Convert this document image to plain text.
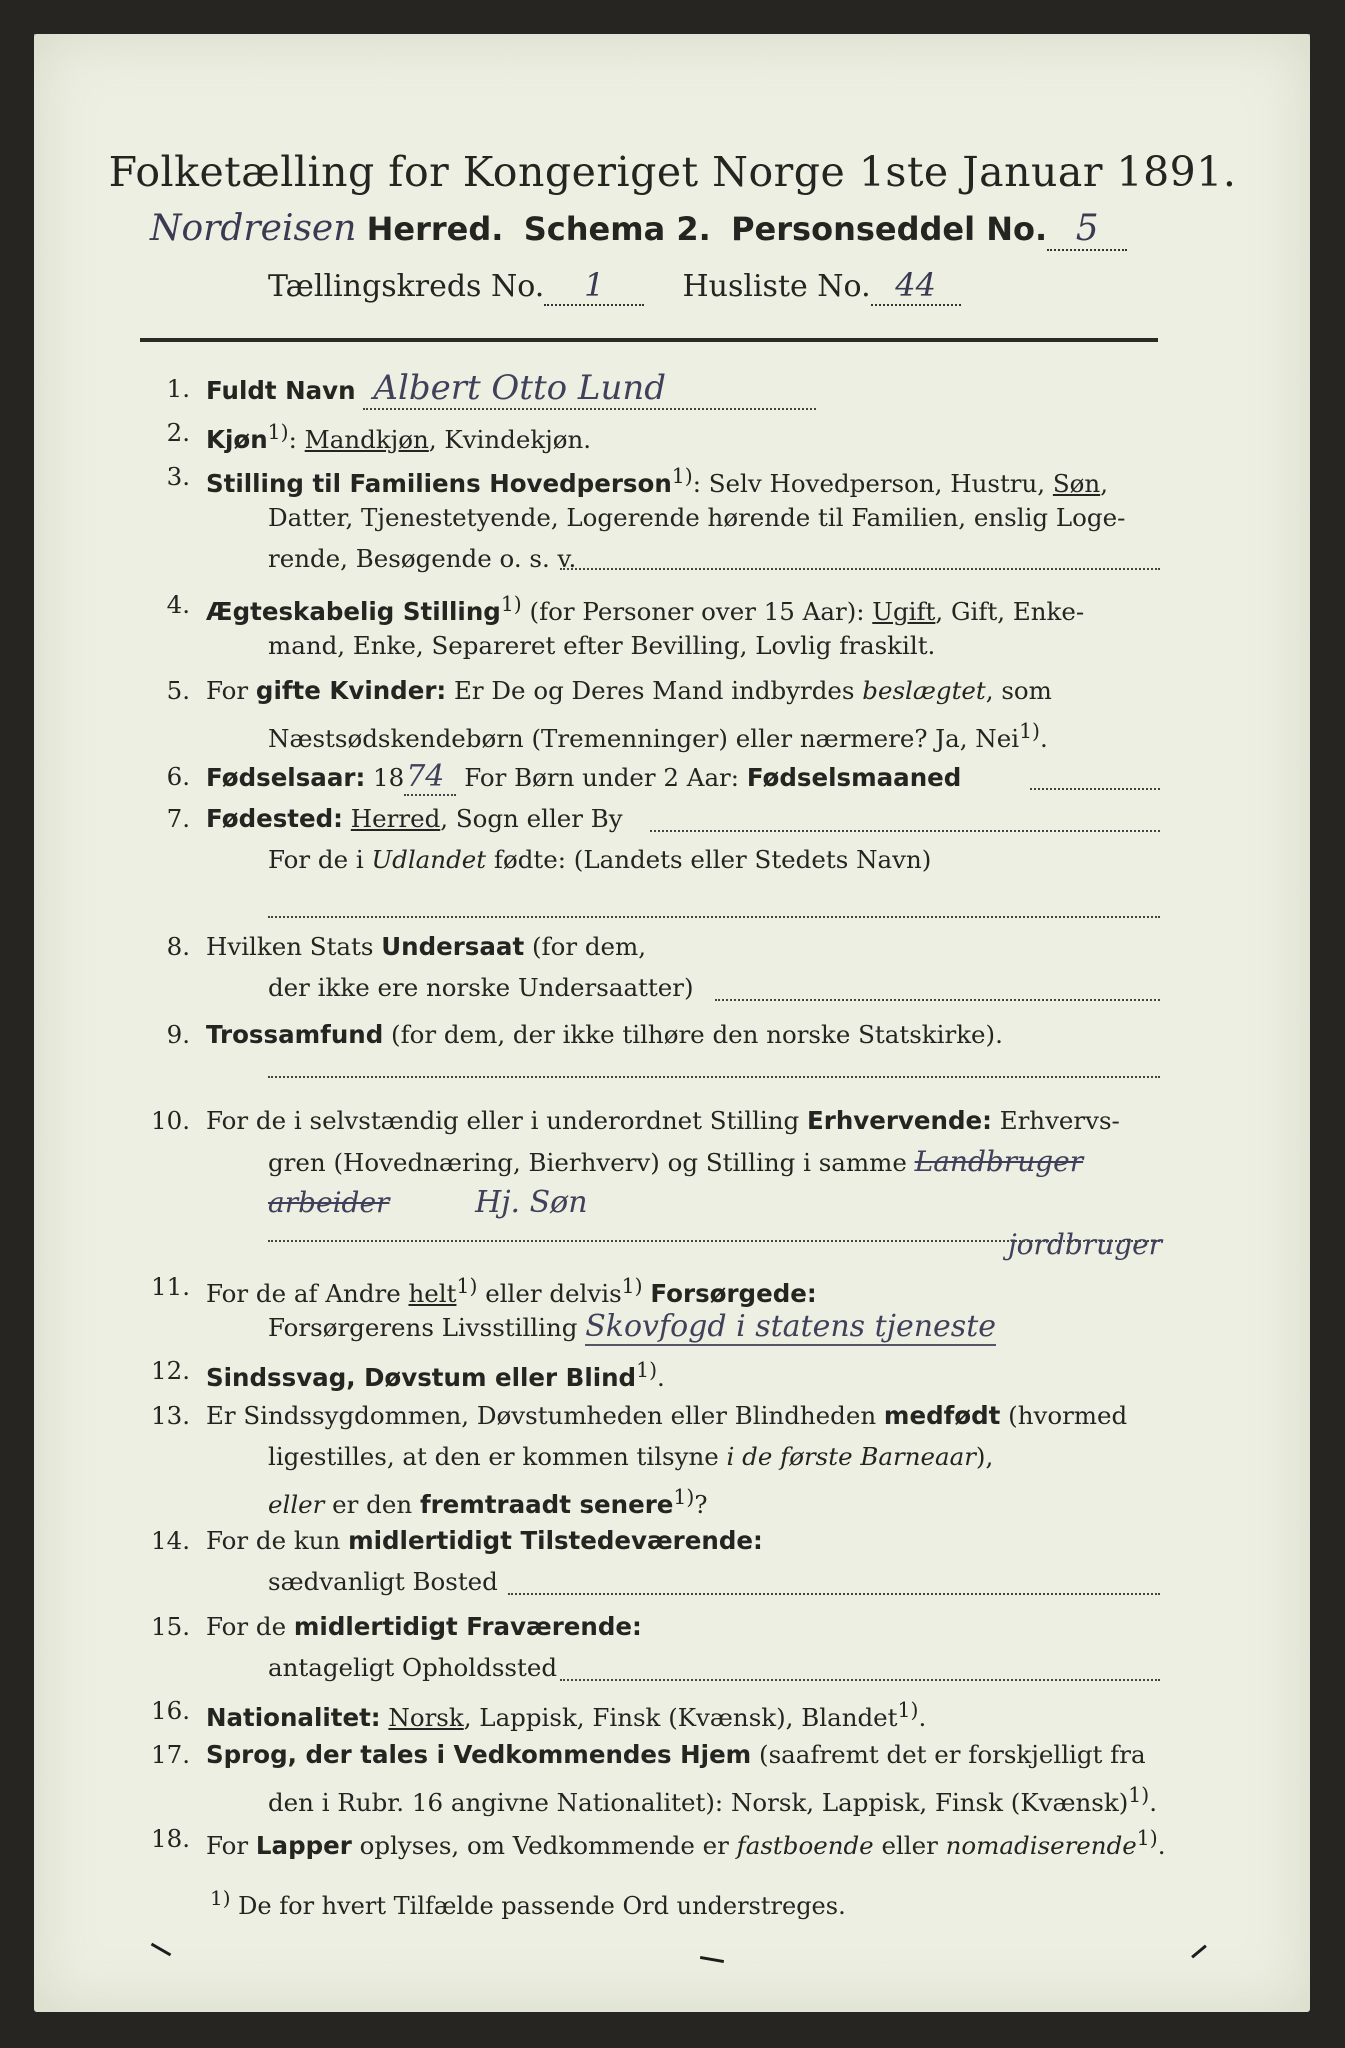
Folketælling for Kongeriget Norge 1ste Januar 1891.
Nordreisen Herred. Schema 2. Personseddel No. 5
Tællingskreds No. 1	Husliste No. 44
1. Fuldt Navn Albert Otto Lund
2. Kjøn$^{1)}$: Mandkjøn, Kvindekjøn.
3. Stilling til Familiens Hovedperson$^{1)}$: Selv Hovedperson, Hustru, Søn,
Datter, Tjenestetyende, Logerende hørende til Familien, enslig Loge-
rende, Besøgende o. s. v.
4. Ægteskabelig Stilling$^{1)}$ (for Personer over 15 Aar): Ugift, Gift, Enke-
mand, Enke, Separeret efter Bevilling, Lovlig fraskilt.
5. For gifte Kvinder: Er De og Deres Mand indbyrdes beslægtet, som
Næstsødskendebørn (Tremenninger) eller nærmere? Ja, Nei$^{1)}$.
6. Fødselsaar: 1874 For Børn under 2 Aar: Fødselsmaaned
7. Fødested: Herred, Sogn eller By
For de i Udlandet fødte: (Landets eller Stedets Navn)
8. Hvilken Stats Undersaat (for dem,
der ikke ere norske Undersaatter)
9. Trossamfund (for dem, der ikke tilhøre den norske Statskirke).
10. For de i selvstændig eller i underordnet Stilling Erhvervende: Erhvervs-
gren (Hovednæring, Bierhverv) og Stilling i samme Landbruger
arbeider	Hj. Søn
jordbruger
11. For de af Andre helt$^{1)}$ eller delvis$^{1)}$ Forsørgede:
Forsørgerens Livsstilling Skovfogd i statens tjeneste
12. Sindssvag, Døvstum eller Blind$^{1)}$.
13. Er Sindssygdommen, Døvstumheden eller Blindheden medfødt (hvormed
ligestilles, at den er kommen tilsyne i de første Barneaar),
eller er den fremtraadt senere$^{1)}$?
14. For de kun midlertidigt Tilstedeværende:
sædvanligt Bosted
15. For de midlertidigt Fraværende:
antageligt Opholdssted
16. Nationalitet: Norsk, Lappisk, Finsk (Kvænsk), Blandet$^{1)}$.
17. Sprog, der tales i Vedkommendes Hjem (saafremt det er forskjelligt fra
den i Rubr. 16 angivne Nationalitet): Norsk, Lappisk, Finsk (Kvænsk)$^{1)}$.
18. For Lapper oplyses, om Vedkommende er fastboende eller nomadiserende$^{1)}$.
$^{1)}$ De for hvert Tilfælde passende Ord understreges.
